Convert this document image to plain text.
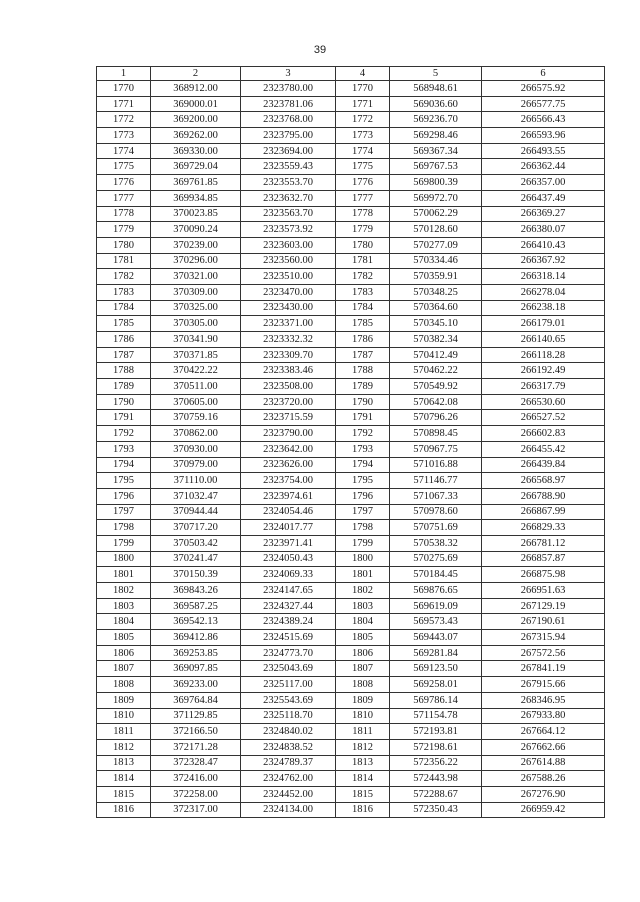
39
1	2	3	4	5	6
1770	368912.00	2323780.00	1770	568948.61	266575.92
1771	369000.01	2323781.06	1771	569036.60	266577.75
1772	369200.00	2323768.00	1772	569236.70	266566.43
1773	369262.00	2323795.00	1773	569298.46	266593.96
1774	369330.00	2323694.00	1774	569367.34	266493.55
1775	369729.04	2323559.43	1775	569767.53	266362.44
1776	369761.85	2323553.70	1776	569800.39	266357.00
1777	369934.85	2323632.70	1777	569972.70	266437.49
1778	370023.85	2323563.70	1778	570062.29	266369.27
1779	370090.24	2323573.92	1779	570128.60	266380.07
1780	370239.00	2323603.00	1780	570277.09	266410.43
1781	370296.00	2323560.00	1781	570334.46	266367.92
1782	370321.00	2323510.00	1782	570359.91	266318.14
1783	370309.00	2323470.00	1783	570348.25	266278.04
1784	370325.00	2323430.00	1784	570364.60	266238.18
1785	370305.00	2323371.00	1785	570345.10	266179.01
1786	370341.90	2323332.32	1786	570382.34	266140.65
1787	370371.85	2323309.70	1787	570412.49	266118.28
1788	370422.22	2323383.46	1788	570462.22	266192.49
1789	370511.00	2323508.00	1789	570549.92	266317.79
1790	370605.00	2323720.00	1790	570642.08	266530.60
1791	370759.16	2323715.59	1791	570796.26	266527.52
1792	370862.00	2323790.00	1792	570898.45	266602.83
1793	370930.00	2323642.00	1793	570967.75	266455.42
1794	370979.00	2323626.00	1794	571016.88	266439.84
1795	371110.00	2323754.00	1795	571146.77	266568.97
1796	371032.47	2323974.61	1796	571067.33	266788.90
1797	370944.44	2324054.46	1797	570978.60	266867.99
1798	370717.20	2324017.77	1798	570751.69	266829.33
1799	370503.42	2323971.41	1799	570538.32	266781.12
1800	370241.47	2324050.43	1800	570275.69	266857.87
1801	370150.39	2324069.33	1801	570184.45	266875.98
1802	369843.26	2324147.65	1802	569876.65	266951.63
1803	369587.25	2324327.44	1803	569619.09	267129.19
1804	369542.13	2324389.24	1804	569573.43	267190.61
1805	369412.86	2324515.69	1805	569443.07	267315.94
1806	369253.85	2324773.70	1806	569281.84	267572.56
1807	369097.85	2325043.69	1807	569123.50	267841.19
1808	369233.00	2325117.00	1808	569258.01	267915.66
1809	369764.84	2325543.69	1809	569786.14	268346.95
1810	371129.85	2325118.70	1810	571154.78	267933.80
1811	372166.50	2324840.02	1811	572193.81	267664.12
1812	372171.28	2324838.52	1812	572198.61	267662.66
1813	372328.47	2324789.37	1813	572356.22	267614.88
1814	372416.00	2324762.00	1814	572443.98	267588.26
1815	372258.00	2324452.00	1815	572288.67	267276.90
1816	372317.00	2324134.00	1816	572350.43	266959.42
